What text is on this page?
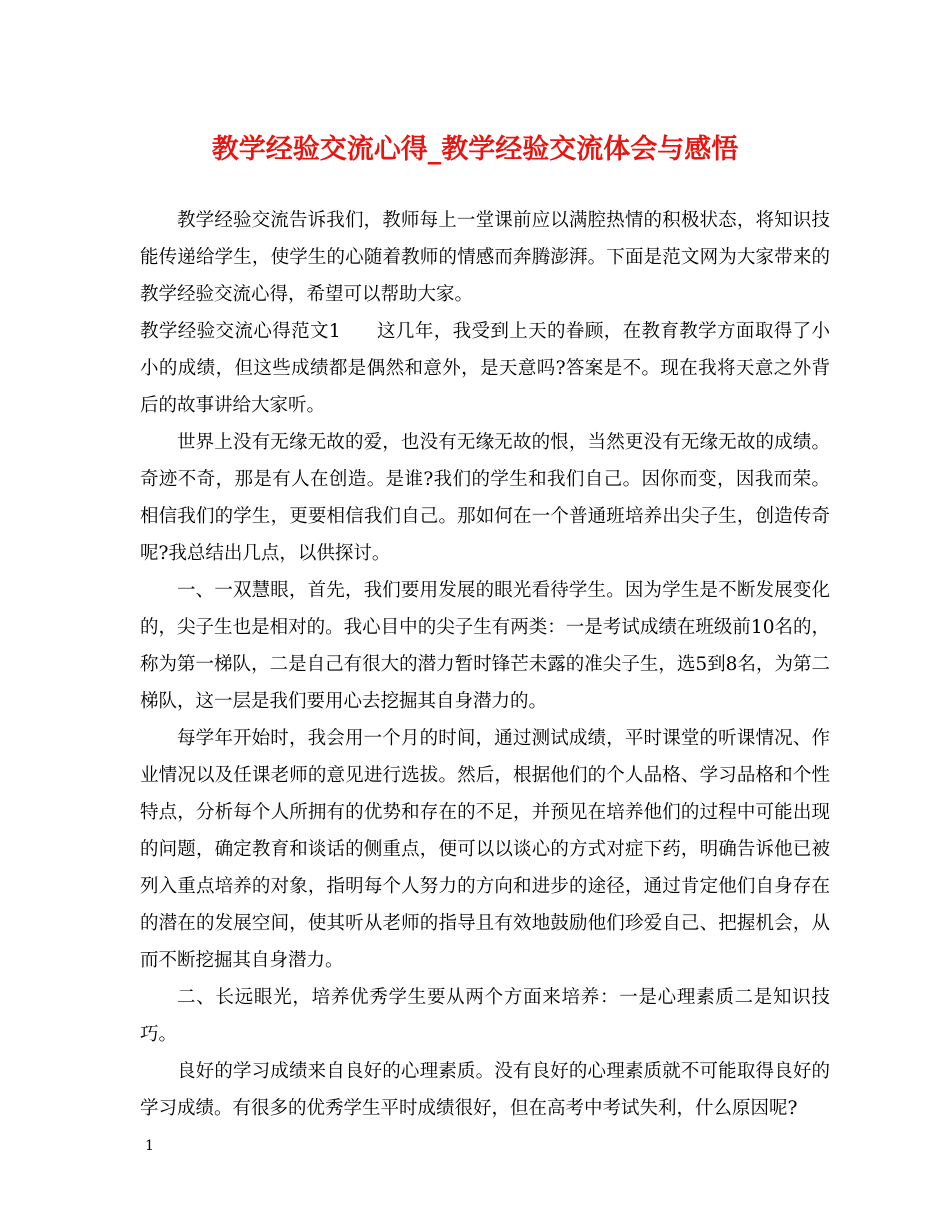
教学经验交流心得_教学经验交流体会与感悟

教学经验交流告诉我们，教师每上一堂课前应以满腔热情的积极状态，将知识技能传递给学生，使学生的心随着教师的情感而奔腾澎湃。下面是范文网为大家带来的教学经验交流心得，希望可以帮助大家。

教学经验交流心得范文1 这几年，我受到上天的眷顾，在教育教学方面取得了小小的成绩，但这些成绩都是偶然和意外，是天意吗?答案是不。现在我将天意之外背后的故事讲给大家听。

世界上没有无缘无故的爱，也没有无缘无故的恨，当然更没有无缘无故的成绩。奇迹不奇，那是有人在创造。是谁?我们的学生和我们自己。因你而变，因我而荣。相信我们的学生，更要相信我们自己。那如何在一个普通班培养出尖子生，创造传奇呢?我总结出几点，以供探讨。

一、一双慧眼，首先，我们要用发展的眼光看待学生。因为学生是不断发展变化的，尖子生也是相对的。我心目中的尖子生有两类：一是考试成绩在班级前10名的，称为第一梯队，二是自己有很大的潜力暂时锋芒未露的准尖子生，选5到8名，为第二梯队，这一层是我们要用心去挖掘其自身潜力的。

每学年开始时，我会用一个月的时间，通过测试成绩，平时课堂的听课情况、作业情况以及任课老师的意见进行选拔。然后，根据他们的个人品格、学习品格和个性特点，分析每个人所拥有的优势和存在的不足，并预见在培养他们的过程中可能出现的问题，确定教育和谈话的侧重点，便可以以谈心的方式对症下药，明确告诉他已被列入重点培养的对象，指明每个人努力的方向和进步的途径，通过肯定他们自身存在的潜在的发展空间，使其听从老师的指导且有效地鼓励他们珍爱自己、把握机会，从而不断挖掘其自身潜力。

二、长远眼光，培养优秀学生要从两个方面来培养：一是心理素质二是知识技巧。

良好的学习成绩来自良好的心理素质。没有良好的心理素质就不可能取得良好的学习成绩。有很多的优秀学生平时成绩很好，但在高考中考试失利，什么原因呢?

1
